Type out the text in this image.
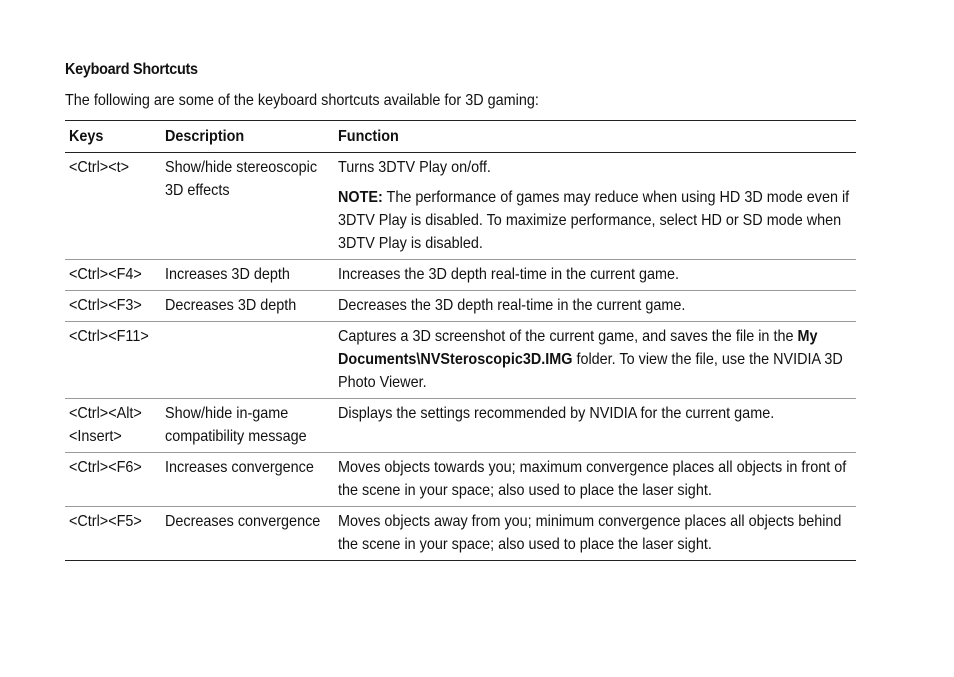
Keyboard Shortcuts

The following are some of the keyboard shortcuts available for 3D gaming:

Keys	Description	Function

<Ctrl><t>	Show/hide stereoscopic 3D effects	Turns 3DTV Play on/off.
NOTE: The performance of games may reduce when using HD 3D mode even if 3DTV Play is disabled. To maximize performance, select HD or SD mode when 3DTV Play is disabled.

<Ctrl><F4>	Increases 3D depth	Increases the 3D depth real-time in the current game.

<Ctrl><F3>	Decreases 3D depth	Decreases the 3D depth real-time in the current game.

<Ctrl><F11>		Captures a 3D screenshot of the current game, and saves the file in the My Documents\NVSteroscopic3D.IMG folder. To view the file, use the NVIDIA 3D Photo Viewer.

<Ctrl><Alt>
<Insert>	Show/hide in-game compatibility message	Displays the settings recommended by NVIDIA for the current game.

<Ctrl><F6>	Increases convergence	Moves objects towards you; maximum convergence places all objects in front of the scene in your space; also used to place the laser sight.

<Ctrl><F5>	Decreases convergence	Moves objects away from you; minimum convergence places all objects behind the scene in your space; also used to place the laser sight.
